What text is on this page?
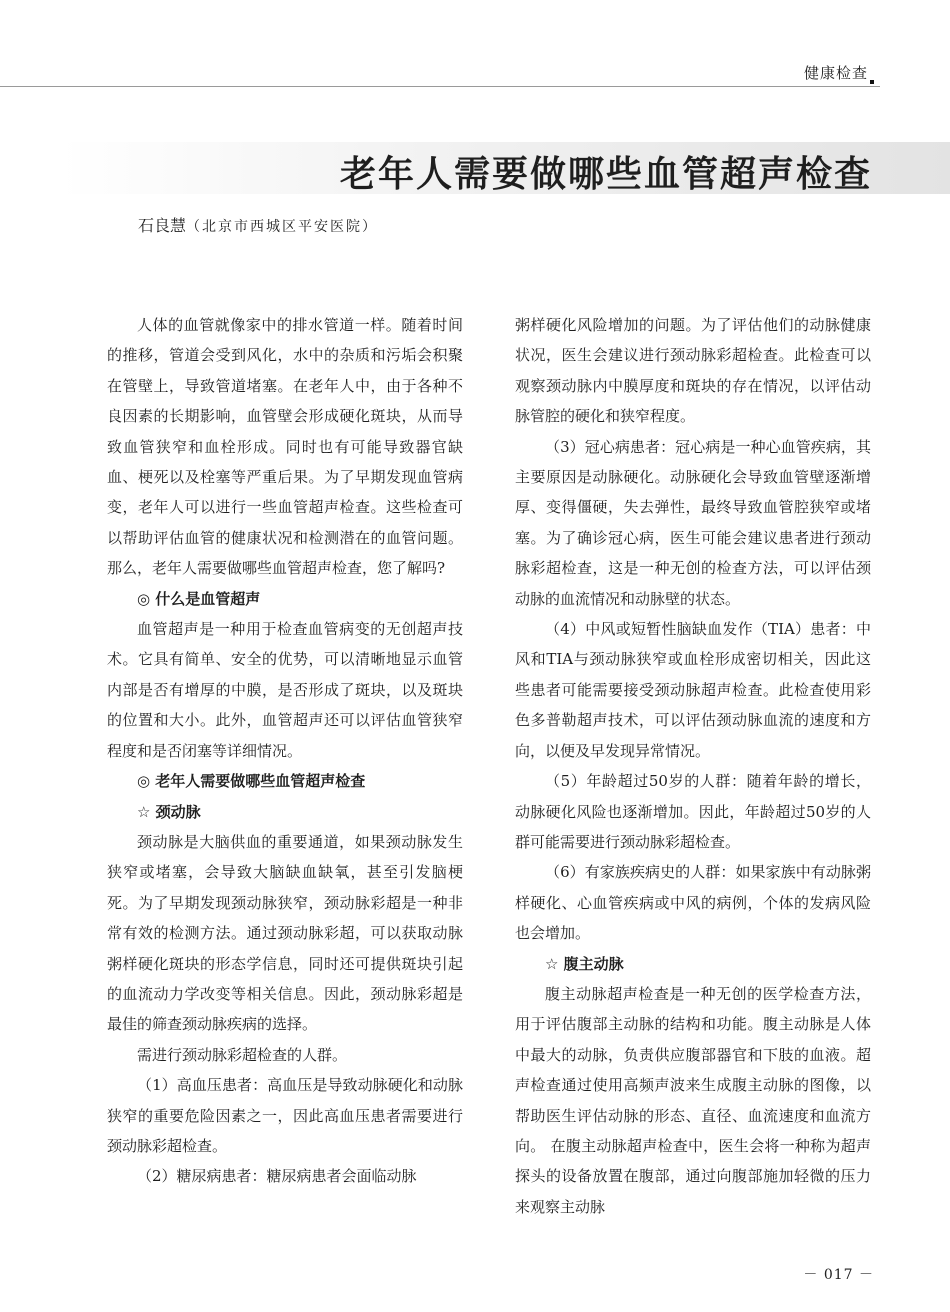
健康检查
老年人需要做哪些血管超声检查
石良慧（北京市西城区平安医院）

人体的血管就像家中的排水管道一样。随着时间的推移，管道会受到风化，水中的杂质和污垢会积聚在管壁上，导致管道堵塞。在老年人中，由于各种不良因素的长期影响，血管壁会形成硬化斑块，从而导致血管狭窄和血栓形成。同时也有可能导致器官缺血、梗死以及栓塞等严重后果。为了早期发现血管病变，老年人可以进行一些血管超声检查。这些检查可以帮助评估血管的健康状况和检测潜在的血管问题。那么，老年人需要做哪些血管超声检查，您了解吗?

◎ 什么是血管超声

血管超声是一种用于检查血管病变的无创超声技术。它具有简单、安全的优势，可以清晰地显示血管内部是否有增厚的中膜，是否形成了斑块，以及斑块的位置和大小。此外，血管超声还可以评估血管狭窄程度和是否闭塞等详细情况。

◎ 老年人需要做哪些血管超声检查

☆ 颈动脉

颈动脉是大脑供血的重要通道，如果颈动脉发生狭窄或堵塞，会导致大脑缺血缺氧，甚至引发脑梗死。为了早期发现颈动脉狭窄，颈动脉彩超是一种非常有效的检测方法。通过颈动脉彩超，可以获取动脉粥样硬化斑块的形态学信息，同时还可提供斑块引起的血流动力学改变等相关信息。因此，颈动脉彩超是最佳的筛查颈动脉疾病的选择。

需进行颈动脉彩超检查的人群。

（1）高血压患者：高血压是导致动脉硬化和动脉狭窄的重要危险因素之一，因此高血压患者需要进行颈动脉彩超检查。

（2）糖尿病患者：糖尿病患者会面临动脉

粥样硬化风险增加的问题。为了评估他们的动脉健康状况，医生会建议进行颈动脉彩超检查。此检查可以观察颈动脉内中膜厚度和斑块的存在情况，以评估动脉管腔的硬化和狭窄程度。

（3）冠心病患者：冠心病是一种心血管疾病，其主要原因是动脉硬化。动脉硬化会导致血管壁逐渐增厚、变得僵硬，失去弹性，最终导致血管腔狭窄或堵塞。为了确诊冠心病，医生可能会建议患者进行颈动脉彩超检查，这是一种无创的检查方法，可以评估颈动脉的血流情况和动脉壁的状态。

（4）中风或短暂性脑缺血发作（TIA）患者：中风和TIA与颈动脉狭窄或血栓形成密切相关，因此这些患者可能需要接受颈动脉超声检查。此检查使用彩色多普勒超声技术，可以评估颈动脉血流的速度和方向，以便及早发现异常情况。

（5）年龄超过50岁的人群：随着年龄的增长，动脉硬化风险也逐渐增加。因此，年龄超过50岁的人群可能需要进行颈动脉彩超检查。

（6）有家族疾病史的人群：如果家族中有动脉粥样硬化、心血管疾病或中风的病例，个体的发病风险也会增加。

☆ 腹主动脉

腹主动脉超声检查是一种无创的医学检查方法，用于评估腹部主动脉的结构和功能。腹主动脉是人体中最大的动脉，负责供应腹部器官和下肢的血液。超声检查通过使用高频声波来生成腹主动脉的图像，以帮助医生评估动脉的形态、直径、血流速度和血流方向。 在腹主动脉超声检查中，医生会将一种称为超声探头的设备放置在腹部，通过向腹部施加轻微的压力来观察主动脉

－ 017 －
